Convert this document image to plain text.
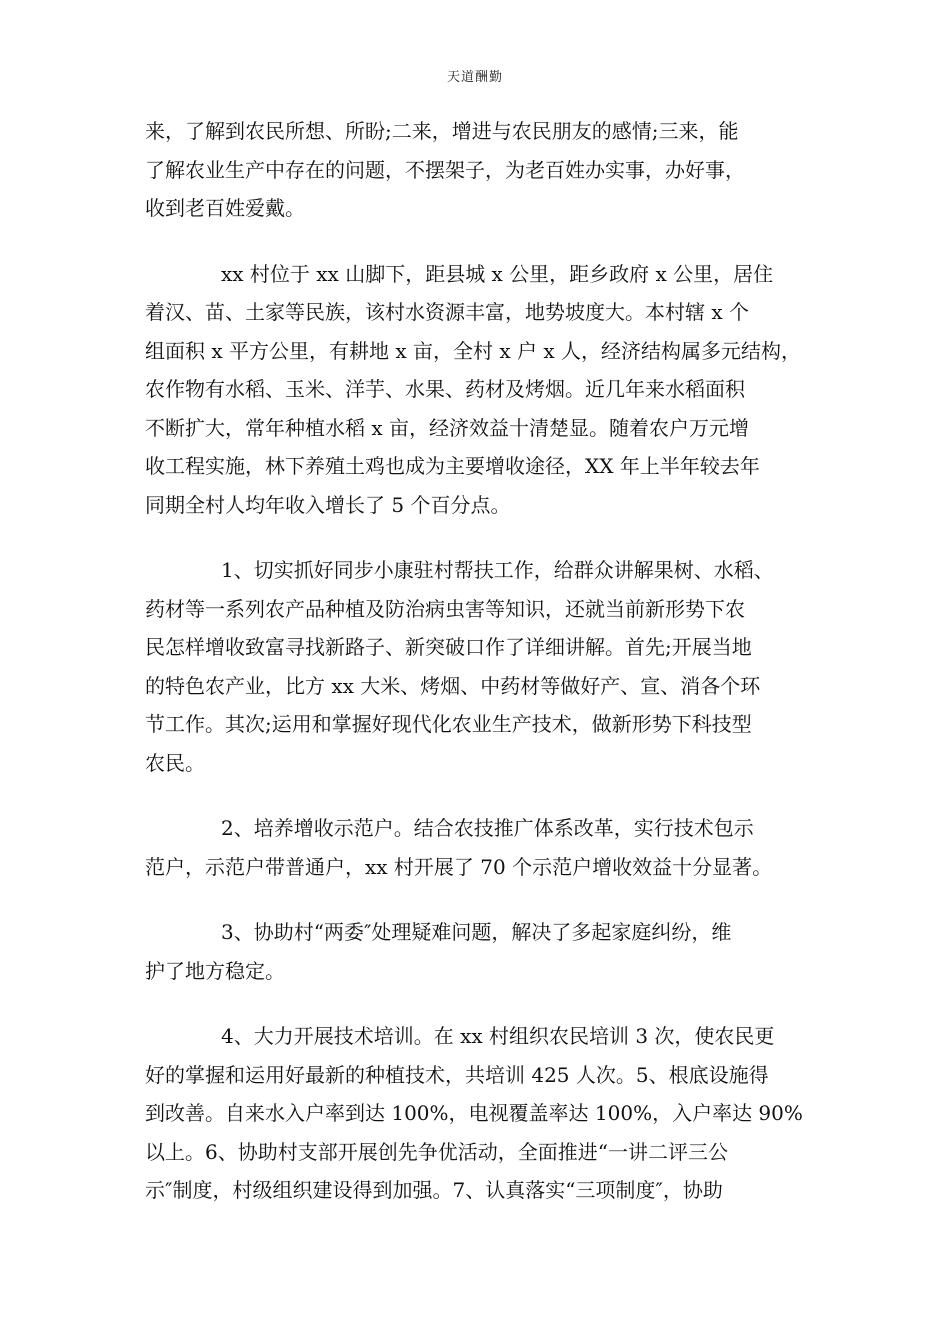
天道酬勤
来，了解到农民所想、所盼;二来，增进与农民朋友的感情;三来，能
了解农业生产中存在的问题，不摆架子，为老百姓办实事，办好事，
收到老百姓爱戴。
xx 村位于 xx 山脚下，距县城 x 公里，距乡政府 x 公里，居住
着汉、苗、土家等民族，该村水资源丰富，地势坡度大。本村辖 x 个
组面积 x 平方公里，有耕地 x 亩，全村 x 户 x 人，经济结构属多元结构，
农作物有水稻、玉米、洋芋、水果、药材及烤烟。近几年来水稻面积
不断扩大，常年种植水稻 x 亩，经济效益十清楚显。随着农户万元增
收工程实施，林下养殖土鸡也成为主要增收途径，XX 年上半年较去年
同期全村人均年收入增长了 5 个百分点。
1、切实抓好同步小康驻村帮扶工作，给群众讲解果树、水稻、
药材等一系列农产品种植及防治病虫害等知识，还就当前新形势下农
民怎样增收致富寻找新路子、新突破口作了详细讲解。首先;开展当地
的特色农产业，比方 xx 大米、烤烟、中药材等做好产、宣、消各个环
节工作。其次;运用和掌握好现代化农业生产技术，做新形势下科技型
农民。
2、培养增收示范户。结合农技推广体系改革，实行技术包示
范户，示范户带普通户，xx 村开展了 70 个示范户增收效益十分显著。
3、协助村“两委″处理疑难问题，解决了多起家庭纠纷，维
护了地方稳定。
4、大力开展技术培训。在 xx 村组织农民培训 3 次，使农民更
好的掌握和运用好最新的种植技术，共培训 425 人次。5、根底设施得
到改善。自来水入户率到达 100%，电视覆盖率达 100%，入户率达 90%
以上。6、协助村支部开展创先争优活动，全面推进“一讲二评三公
示″制度，村级组织建设得到加强。7、认真落实“三项制度″，协助
